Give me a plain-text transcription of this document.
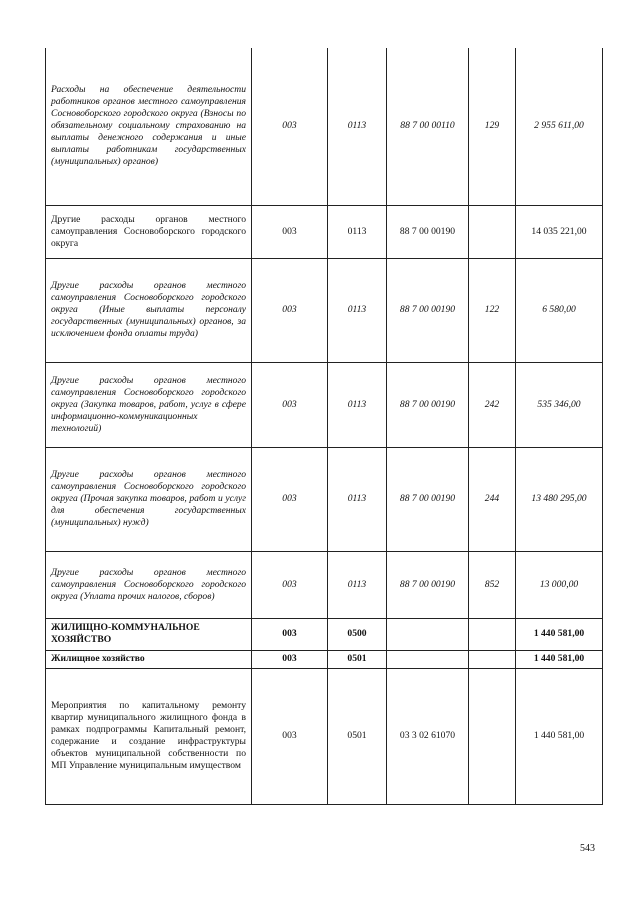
Расходы на обеспечение деятельности работников органов местного самоуправления Сосновоборского городского округа (Взносы по обязательному социальному страхованию на выплаты денежного содержания и иные выплаты работникам государственных (муниципальных) органов)	003	0113	88 7 00 00110	129	2 955 611,00
Другие расходы органов местного самоуправления Сосновоборского городского округа	003	0113	88 7 00 00190		14 035 221,00
Другие расходы органов местного самоуправления Сосновоборского городского округа (Иные выплаты персоналу государственных (муниципальных) органов, за исключением фонда оплаты труда)	003	0113	88 7 00 00190	122	6 580,00
Другие расходы органов местного самоуправления Сосновоборского городского округа (Закупка товаров, работ, услуг в сфере информационно-коммуникационных технологий)	003	0113	88 7 00 00190	242	535 346,00
Другие расходы органов местного самоуправления Сосновоборского городского округа (Прочая закупка товаров, работ и услуг для обеспечения государственных (муниципальных) нужд)	003	0113	88 7 00 00190	244	13 480 295,00
Другие расходы органов местного самоуправления Сосновоборского городского округа (Уплата прочих налогов, сборов)	003	0113	88 7 00 00190	852	13 000,00
ЖИЛИЩНО-КОММУНАЛЬНОЕ ХОЗЯЙСТВО	003	0500			1 440 581,00
Жилищное хозяйство	003	0501			1 440 581,00
Мероприятия по капитальному ремонту квартир муниципального жилищного фонда в рамках подпрограммы Капитальный ремонт, содержание и создание инфраструктуры объектов муниципальной собственности по МП Управление муниципальным имуществом	003	0501	03 3 02 61070		1 440 581,00
543
